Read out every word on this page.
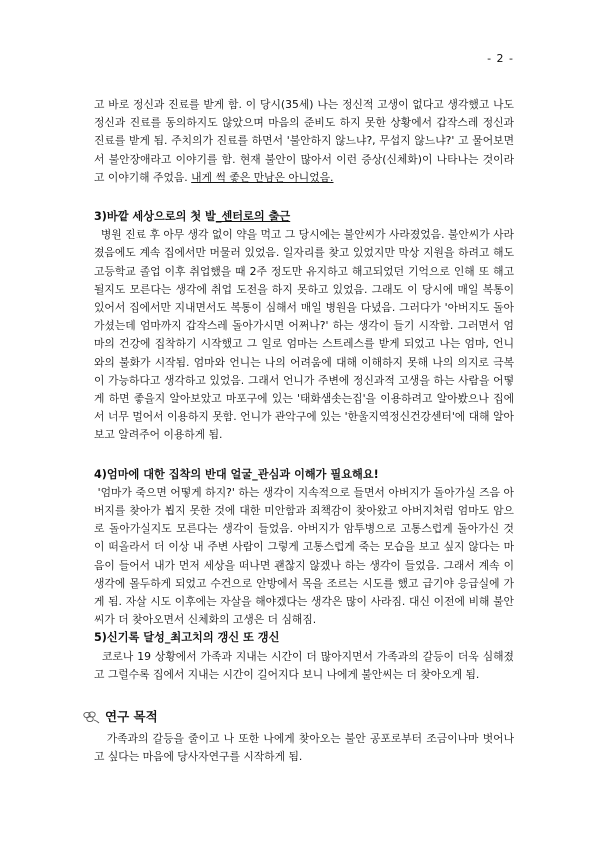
- 2 -

고 바로 정신과 진료를 받게 함. 이 당시(35세) 나는 정신적 고생이 없다고 생각했고 나도 정신과 진료를 동의하지도 않았으며 마음의 준비도 하지 못한 상황에서 갑작스레 정신과 진료를 받게 됨. 주치의가 진료를 하면서 '불안하지 않느냐?, 무섭지 않느냐?' 고 물어보면서 불안장애라고 이야기를 함. 현재 불안이 많아서 이런 증상(신체화)이 나타나는 것이라고 이야기해 주었음. 내게 썩 좋은 만남은 아니었음.

3)바깥 세상으로의 첫 발_센터로의 출근

병원 진료 후 아무 생각 없이 약을 먹고 그 당시에는 불안씨가 사라졌었음. 불안씨가 사라졌음에도 계속 집에서만 머물러 있었음. 일자리를 찾고 있었지만 막상 지원을 하려고 해도 고등학교 졸업 이후 취업했을 때 2주 정도만 유지하고 해고되었던 기억으로 인해 또 해고될지도 모른다는 생각에 취업 도전을 하지 못하고 있었음. 그래도 이 당시에 매일 복통이 있어서 집에서만 지내면서도 복통이 심해서 매일 병원을 다녔음. 그러다가 '아버지도 돌아가셨는데 엄마까지 갑작스레 돌아가시면 어쩌나?' 하는 생각이 들기 시작함. 그러면서 엄마의 건강에 집착하기 시작했고 그 일로 엄마는 스트레스를 받게 되었고 나는 엄마, 언니와의 불화가 시작됨. 엄마와 언니는 나의 어려움에 대해 이해하지 못해 나의 의지로 극복이 가능하다고 생각하고 있었음. 그래서 언니가 주변에 정신과적 고생을 하는 사람을 어떻게 하면 좋을지 알아보았고 마포구에 있는 '태화샘솟는집'을 이용하려고 알아봤으나 집에서 너무 멀어서 이용하지 못함. 언니가 관악구에 있는 '한울지역정신건강센터'에 대해 알아보고 알려주어 이용하게 됨.

4)엄마에 대한 집착의 반대 얼굴_관심과 이해가 필요해요!

'엄마가 죽으면 어떻게 하지?' 하는 생각이 지속적으로 들면서 아버지가 돌아가실 즈음 아버지를 찾아가 뵙지 못한 것에 대한 미안함과 죄책감이 찾아왔고 아버지처럼 엄마도 암으로 돌아가실지도 모른다는 생각이 들었음. 아버지가 암투병으로 고통스럽게 돌아가신 것이 떠올라서 더 이상 내 주변 사람이 그렇게 고통스럽게 죽는 모습을 보고 싶지 않다는 마음이 들어서 내가 먼저 세상을 떠나면 괜찮지 않겠나 하는 생각이 들었음. 그래서 계속 이 생각에 몰두하게 되었고 수건으로 안방에서 목을 조르는 시도를 했고 급기야 응급실에 가게 됨. 자살 시도 이후에는 자살을 해야겠다는 생각은 많이 사라짐. 대신 이전에 비해 불안씨가 더 찾아오면서 신체화의 고생은 더 심해짐.

5)신기록 달성_최고치의 갱신 또 갱신

코로나 19 상황에서 가족과 지내는 시간이 더 많아지면서 가족과의 갈등이 더욱 심해졌고 그럴수록 집에서 지내는 시간이 길어지다 보니 나에게 불안씨는 더 찾아오게 됨.

연구 목적

가족과의 갈등을 줄이고 나 또한 나에게 찾아오는 불안 공포로부터 조금이나마 벗어나고 싶다는 마음에 당사자연구를 시작하게 됨.
